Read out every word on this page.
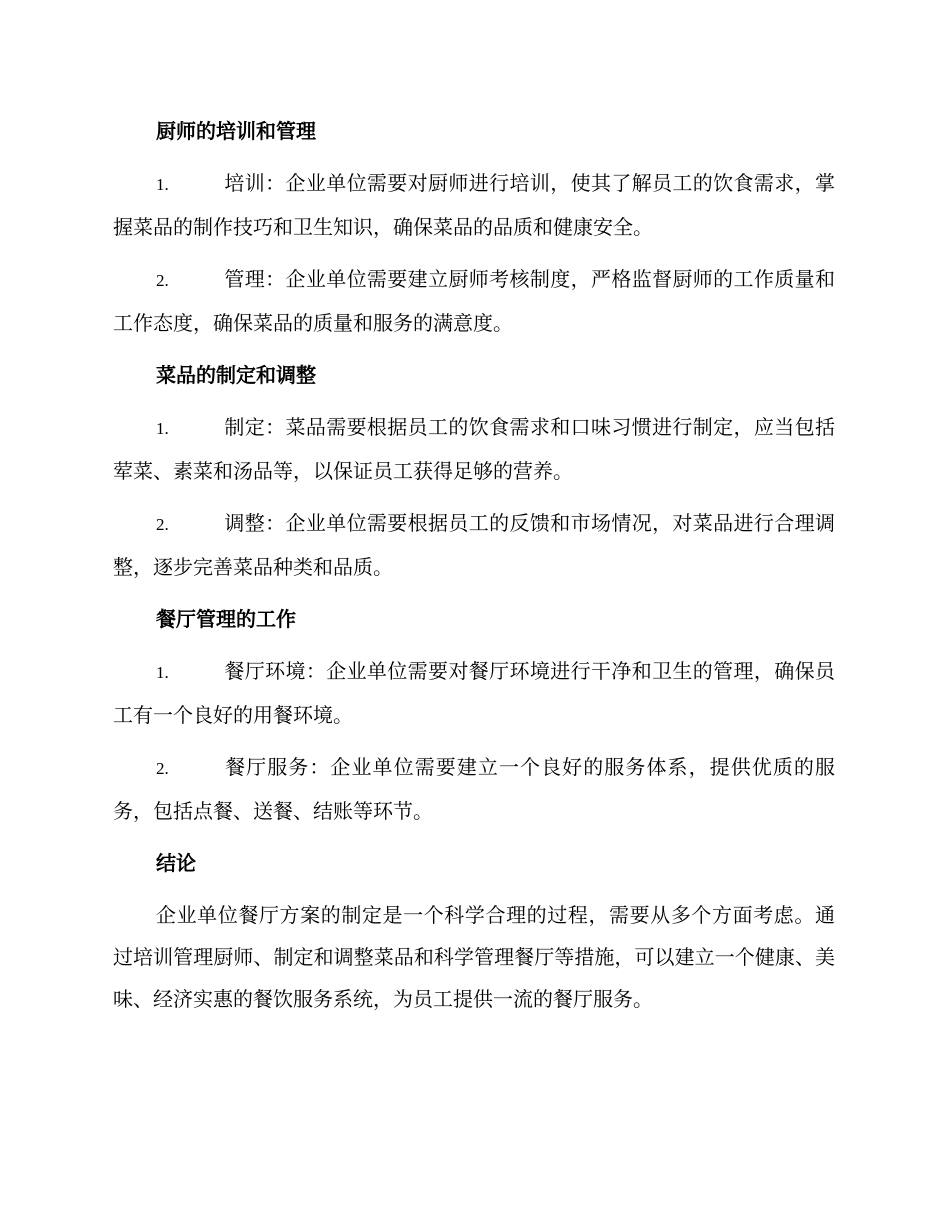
厨师的培训和管理

1.	培训：企业单位需要对厨师进行培训，使其了解员工的饮食需求，掌握菜品的制作技巧和卫生知识，确保菜品的品质和健康安全。

2.	管理：企业单位需要建立厨师考核制度，严格监督厨师的工作质量和工作态度，确保菜品的质量和服务的满意度。

菜品的制定和调整

1.	制定：菜品需要根据员工的饮食需求和口味习惯进行制定，应当包括荤菜、素菜和汤品等，以保证员工获得足够的营养。

2.	调整：企业单位需要根据员工的反馈和市场情况，对菜品进行合理调整，逐步完善菜品种类和品质。

餐厅管理的工作

1.	餐厅环境：企业单位需要对餐厅环境进行干净和卫生的管理，确保员工有一个良好的用餐环境。

2.	餐厅服务：企业单位需要建立一个良好的服务体系，提供优质的服务，包括点餐、送餐、结账等环节。

结论

企业单位餐厅方案的制定是一个科学合理的过程，需要从多个方面考虑。通过培训管理厨师、制定和调整菜品和科学管理餐厅等措施，可以建立一个健康、美味、经济实惠的餐饮服务系统，为员工提供一流的餐厅服务。
